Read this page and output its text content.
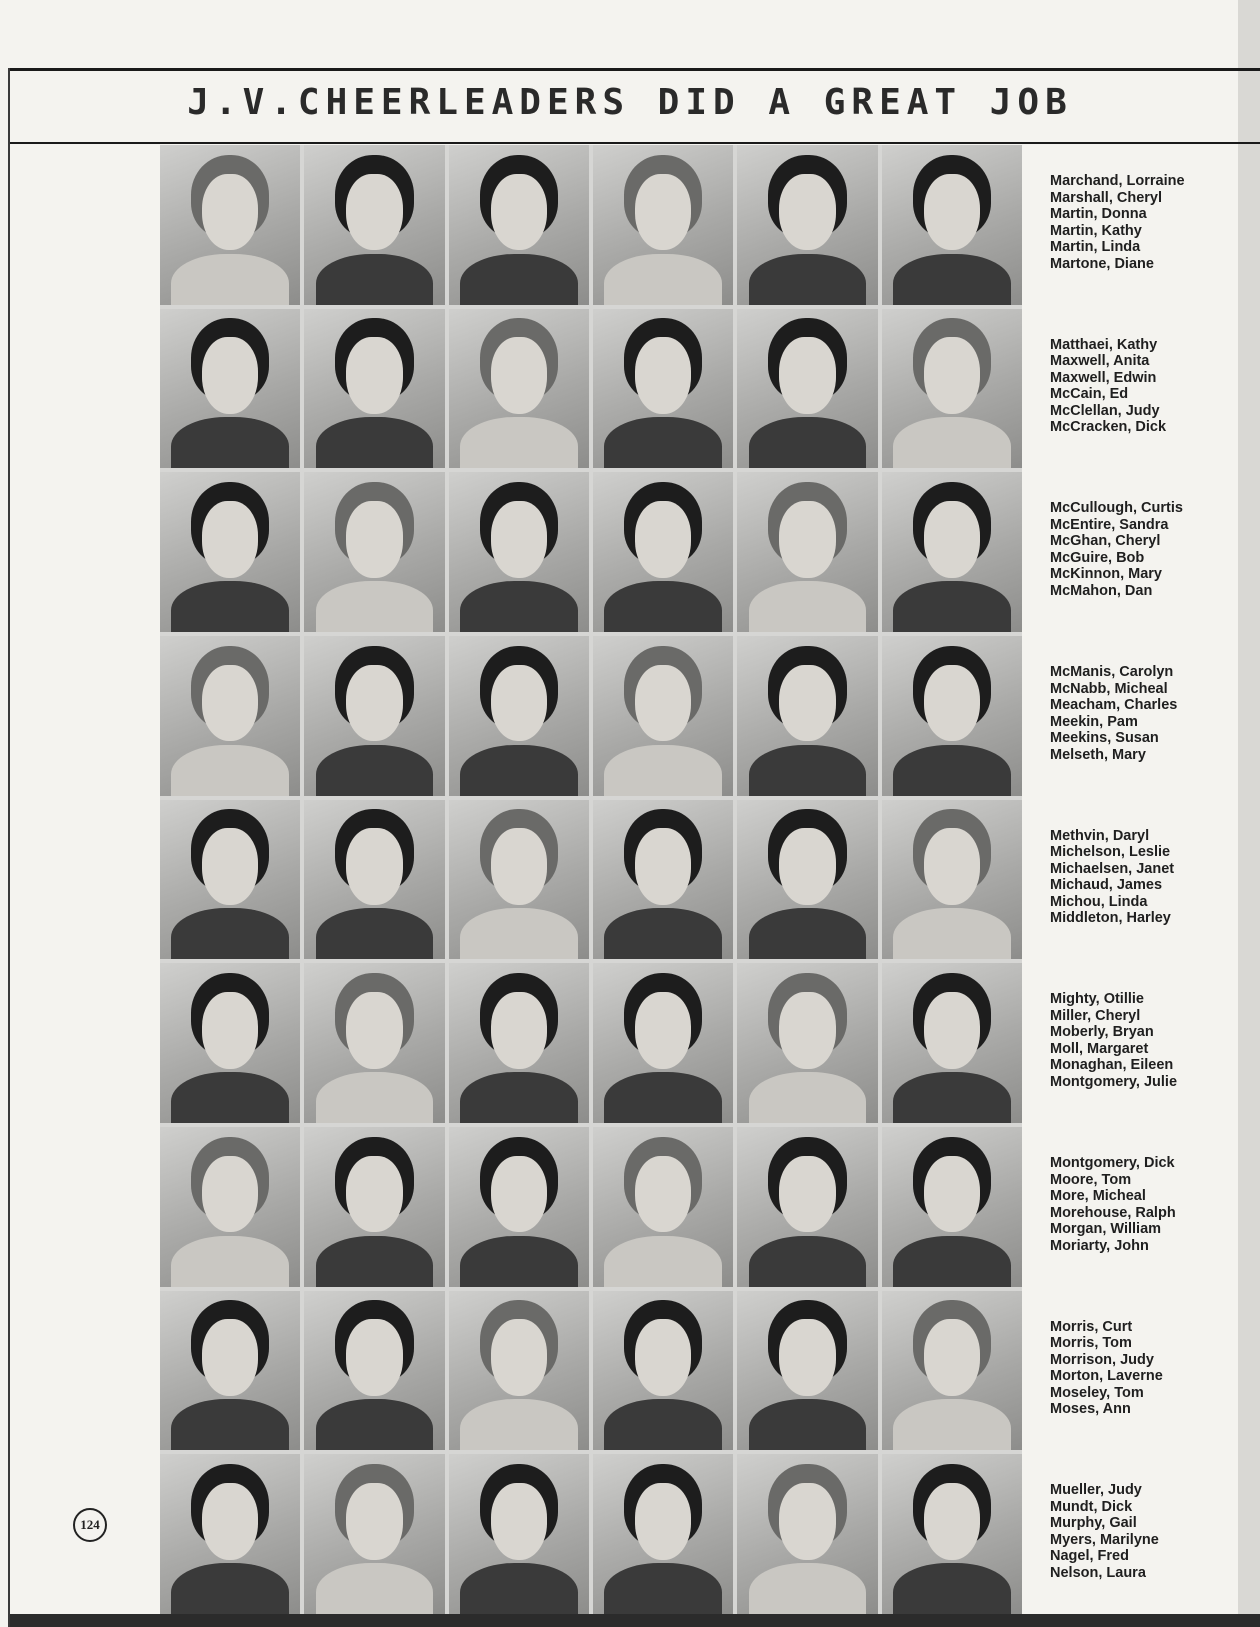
J.V.CHEERLEADERS DID A GREAT JOB
Marchand, Lorraine
Marshall, Cheryl
Martin, Donna
Martin, Kathy
Martin, Linda
Martone, Diane
Matthaei, Kathy
Maxwell, Anita
Maxwell, Edwin
McCain, Ed
McClellan, Judy
McCracken, Dick
McCullough, Curtis
McEntire, Sandra
McGhan, Cheryl
McGuire, Bob
McKinnon, Mary
McMahon, Dan
McManis, Carolyn
McNabb, Micheal
Meacham, Charles
Meekin, Pam
Meekins, Susan
Melseth, Mary
Methvin, Daryl
Michelson, Leslie
Michaelsen, Janet
Michaud, James
Michou, Linda
Middleton, Harley
Mighty, Otillie
Miller, Cheryl
Moberly, Bryan
Moll, Margaret
Monaghan, Eileen
Montgomery, Julie
Montgomery, Dick
Moore, Tom
More, Micheal
Morehouse, Ralph
Morgan, William
Moriarty, John
Morris, Curt
Morris, Tom
Morrison, Judy
Morton, Laverne
Moseley, Tom
Moses, Ann
Mueller, Judy
Mundt, Dick
Murphy, Gail
Myers, Marilyne
Nagel, Fred
Nelson, Laura
124
